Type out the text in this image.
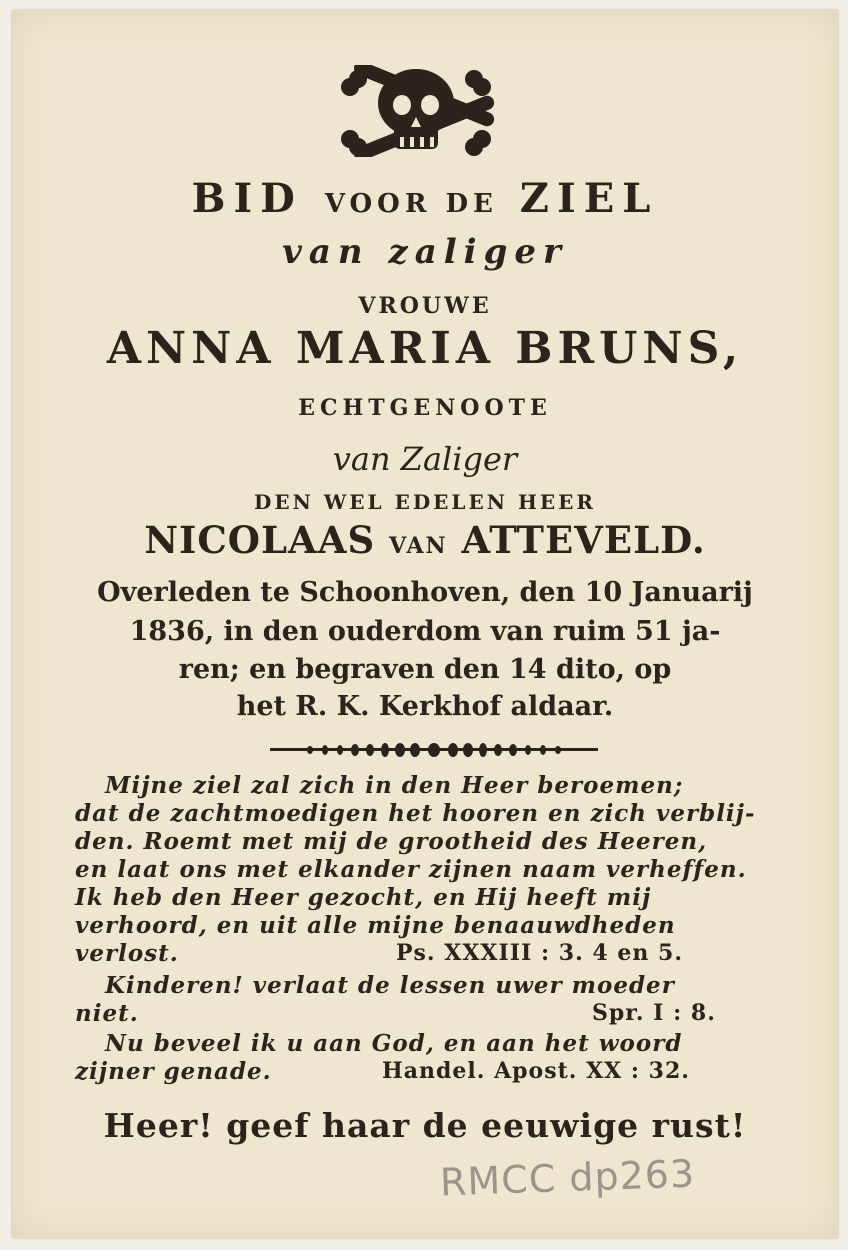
BID VOOR DE ZIEL
van zaliger
VROUWE
ANNA MARIA BRUNS,
ECHTGENOOTE
van Zaliger
DEN WEL EDELEN HEER
NICOLAAS VAN ATTEVELD.
Overleden te Schoonhoven, den 10 Januarij
1836, in den ouderdom van ruim 51 ja-
ren; en begraven den 14 dito, op
het R. K. Kerkhof aldaar.
Mijne ziel zal zich in den Heer beroemen;
dat de zachtmoedigen het hooren en zich verblij-
den. Roemt met mij de grootheid des Heeren,
en laat ons met elkander zijnen naam verheffen.
Ik heb den Heer gezocht, en Hij heeft mij
verhoord, en uit alle mijne benaauwdheden
verlost.	Ps. XXXIII : 3. 4 en 5.
Kinderen! verlaat de lessen uwer moeder
niet.	Spr. I : 8.
Nu beveel ik u aan God, en aan het woord
zijner genade.	Handel. Apost. XX : 32.
Heer! geef haar de eeuwige rust!
RMCC dp263
